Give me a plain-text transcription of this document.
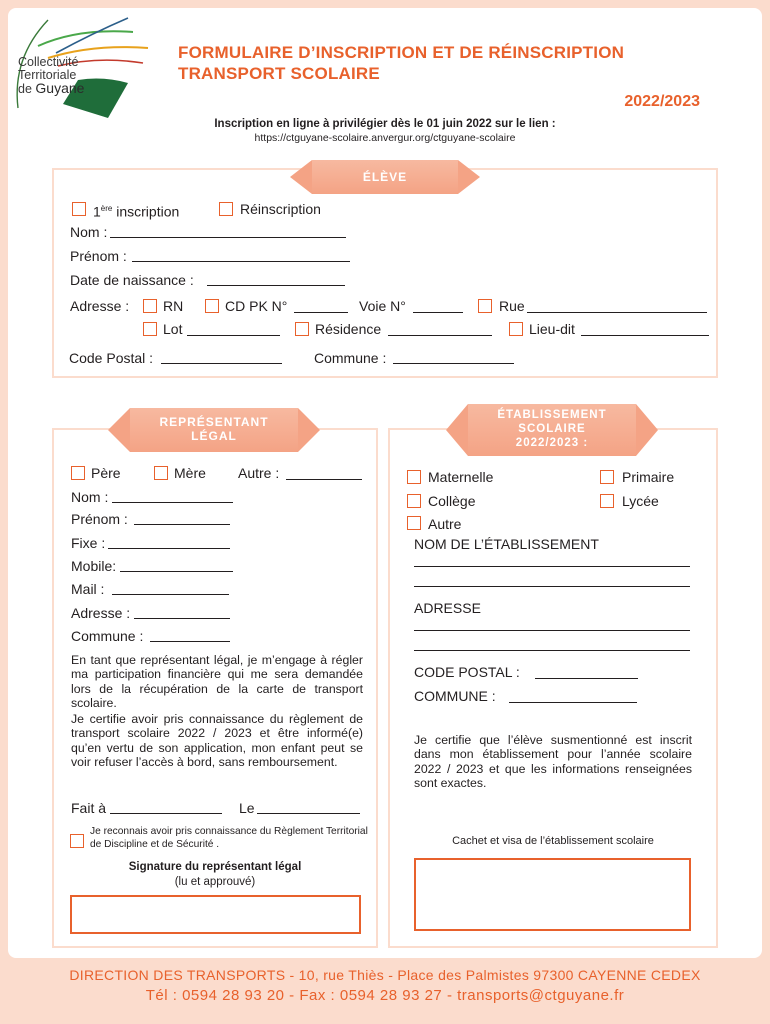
Collectivité
Territoriale
de Guyane
FORMULAIRE D’INSCRIPTION ET DE RÉINSCRIPTION
TRANSPORT SCOLAIRE
2022/2023
Inscription en ligne à privilégier dès le 01 juin 2022 sur le lien :
https://ctguyane-scolaire.anvergur.org/ctguyane-scolaire
ÉLÈVE
1ère inscription	Réinscription
Nom :
Prénom :
Date de naissance :
Adresse : RN	CD PK N°	Voie N°	Rue
Lot	Résidence	Lieu-dit
Code Postal :	Commune :
REPRÉSENTANT
LÉGAL
Père	Mère Autre :
Nom :
Prénom :
Fixe :
Mobile:
Mail :
Adresse :
Commune :
En tant que représentant légal, je m’engage à régler ma participation financière qui me sera demandée lors de la récupération de la carte de transport scolaire.
Je certifie avoir pris connaissance du règlement de transport scolaire 2022 / 2023 et être informé(e) qu’en vertu de son application, mon enfant peut se voir refuser l’accès à bord, sans remboursement.
Fait à	Le
Je reconnais avoir pris connaissance du Règlement Territorial de Discipline et de Sécurité .
Signature du représentant légal
(lu et approuvé)
ÉTABLISSEMENT
SCOLAIRE
2022/2023 :
Maternelle	Primaire
Collège	Lycée
Autre
NOM DE L’ÉTABLISSEMENT
ADRESSE
CODE POSTAL :
COMMUNE :
Je certifie que l’élève susmentionné est inscrit dans mon établissement pour l’année scolaire 2022 / 2023 et que les informations renseignées sont exactes.
Cachet et visa de l’établissement scolaire
DIRECTION DES TRANSPORTS - 10, rue Thiès - Place des Palmistes 97300 CAYENNE CEDEX
Tél : 0594 28 93 20 - Fax : 0594 28 93 27 - transports@ctguyane.fr
